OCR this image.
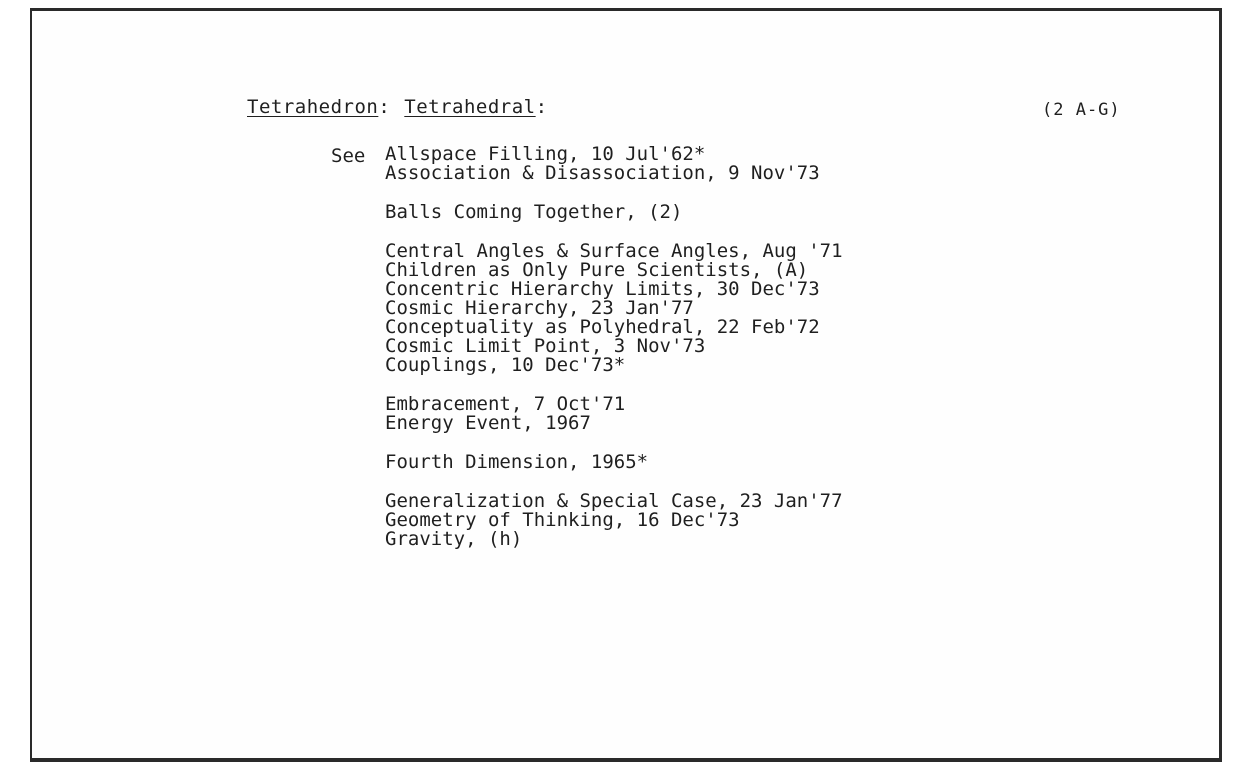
Tetrahedron: Tetrahedral:	(2 A-G)
See Allspace Filling, 10 Jul'62*
Association & Disassociation, 9 Nov'73
Balls Coming Together, (2)
Central Angles & Surface Angles, Aug '71
Children as Only Pure Scientists, (A)
Concentric Hierarchy Limits, 30 Dec'73
Cosmic Hierarchy, 23 Jan'77
Conceptuality as Polyhedral, 22 Feb'72
Cosmic Limit Point, 3 Nov'73
Couplings, 10 Dec'73*
Embracement, 7 Oct'71
Energy Event, 1967
Fourth Dimension, 1965*
Generalization & Special Case, 23 Jan'77
Geometry of Thinking, 16 Dec'73
Gravity, (h)
